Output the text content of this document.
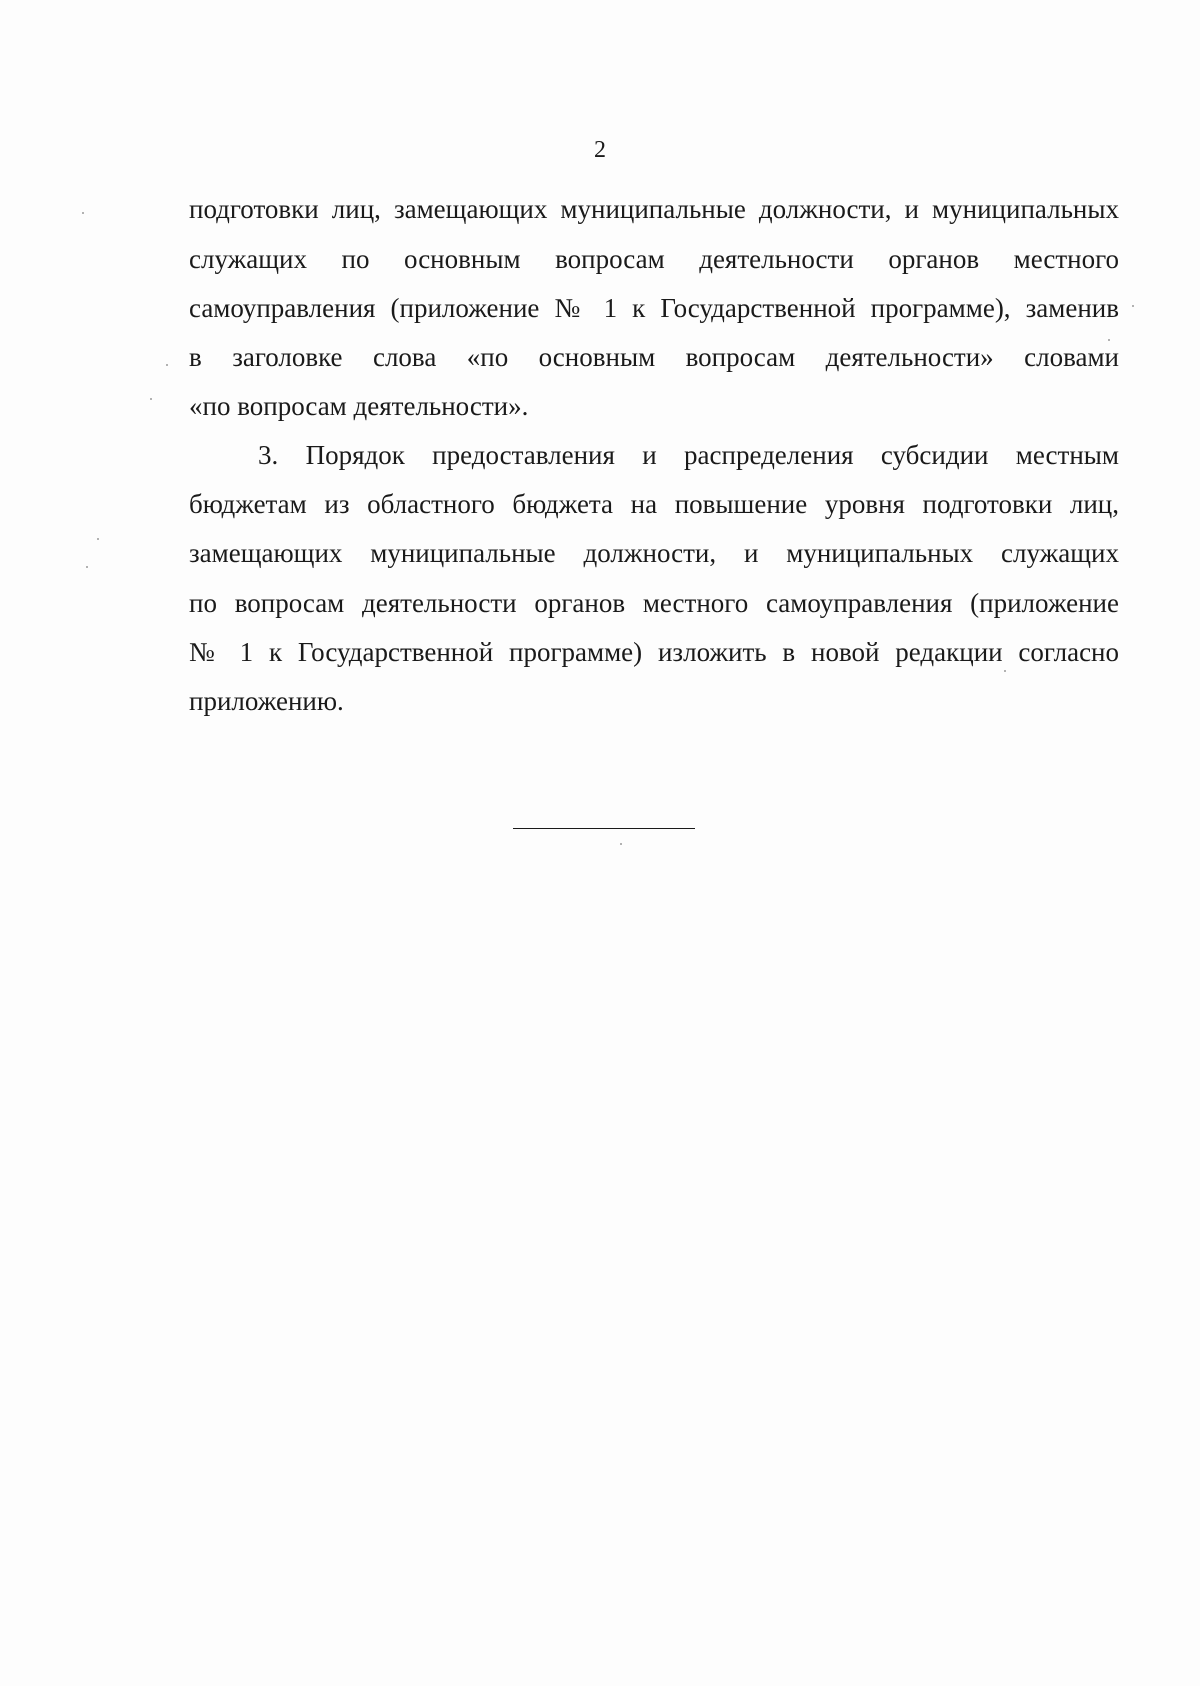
2
подготовки лиц, замещающих муниципальные должности, и муниципальных
служащих по основным вопросам деятельности органов местного
самоуправления (приложение № 1 к Государственной программе), заменив
в заголовке слова «по основным вопросам деятельности» словами
«по вопросам деятельности».
3. Порядок предоставления и распределения субсидии местным
бюджетам из областного бюджета на повышение уровня подготовки лиц,
замещающих муниципальные должности, и муниципальных служащих
по вопросам деятельности органов местного самоуправления (приложение
№ 1 к Государственной программе) изложить в новой редакции согласно
приложению.
